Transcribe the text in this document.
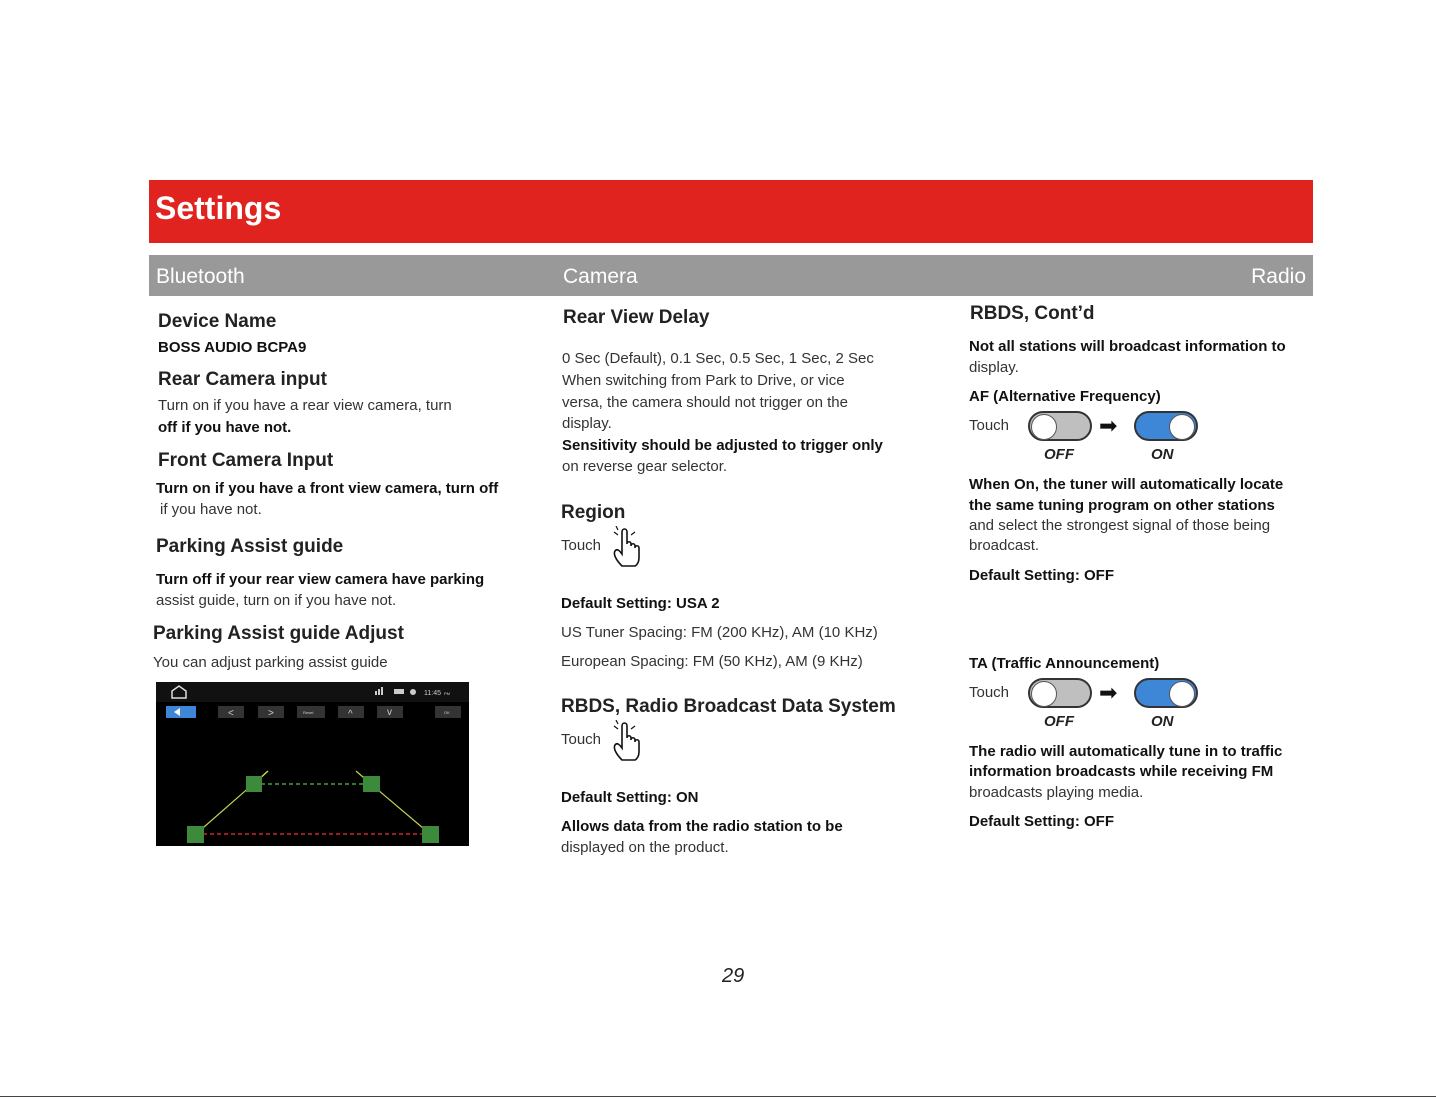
Settings
Bluetooth	Camera	Radio
Device Name
BOSS AUDIO BCPA9
Rear Camera input
Turn on if you have a rear view camera, turn
off if you have not.
Front Camera Input
Turn on if you have a front view camera, turn off
if you have not.
Parking Assist guide
Turn off if your rear view camera have parking
assist guide, turn on if you have not.
Parking Assist guide Adjust
You can adjust parking assist guide
11:45 PM
<	>	Reset	^	v	OK
Rear View Delay
0 Sec (Default), 0.1 Sec, 0.5 Sec, 1 Sec, 2 Sec
When switching from Park to Drive, or vice
versa, the camera should not trigger on the
display.
Sensitivity should be adjusted to trigger only
on reverse gear selector.
Region
Touch
Default Setting: USA 2
US Tuner Spacing: FM (200 KHz), AM (10 KHz)
European Spacing: FM (50 KHz), AM (9 KHz)
RBDS, Radio Broadcast Data System
Touch
Default Setting: ON
Allows data from the radio station to be
displayed on the product.
RBDS, Cont’d
Not all stations will broadcast information to
display.
AF (Alternative Frequency)
Touch	➡
OFF	ON
When On, the tuner will automatically locate
the same tuning program on other stations
and select the strongest signal of those being
broadcast.
Default Setting: OFF
TA (Traffic Announcement)
Touch	➡
OFF	ON
The radio will automatically tune in to traffic
information broadcasts while receiving FM
broadcasts playing media.
Default Setting: OFF
29
